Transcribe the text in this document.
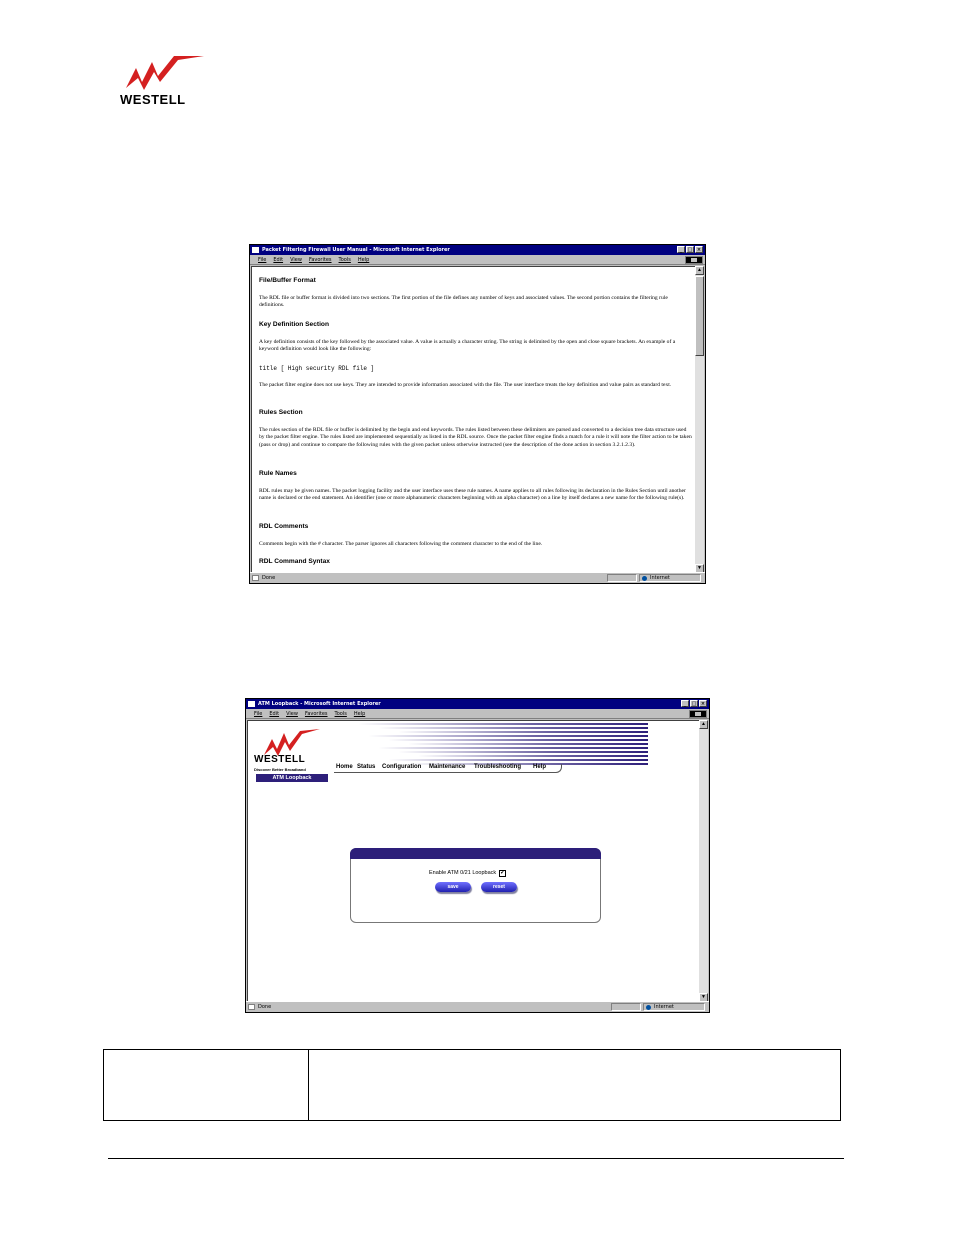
WESTELL
Packet Filtering Firewall User Manual - Microsoft Internet Explorer	_	□ ×
File Edit View Favorites Tools Help
File/Buffer Format
The RDL file or buffer format is divided into two sections. The first portion of the file defines any number of keys and associated values. The second portion contains the filtering rule definitions.
Key Definition Section
A key definition consists of the key followed by the associated value. A value is actually a character string. The string is delimited by the open and close square brackets. An example of a keyword definition would look like the following:
title [ High security RDL file ]
The packet filter engine does not use keys. They are intended to provide information associated with the file. The user interface treats the key definition and value pairs as standard text.
Rules Section
The rules section of the RDL file or buffer is delimited by the begin and end keywords. The rules listed between these delimiters are parsed and converted to a decision tree data structure used by the packet filter engine. The rules listed are implemented sequentially as listed in the RDL source. Once the packet filter engine finds a match for a rule it will note the filter action to be taken (pass or drop) and continue to compare the following rules with the given packet unless otherwise instructed (see the description of the done action in section 3.2.1.2.3).
Rule Names
RDL rules may be given names. The packet logging facility and the user interface uses these rule names. A name applies to all rules following its declaration in the Rules Section until another name is declared or the end statement. An identifier (one or more alphanumeric characters beginning with an alpha character) on a line by itself declares a new name for the following rule(s).
RDL Comments
Comments begin with the # character. The parser ignores all characters following the comment character to the end of the line.
RDL Command Syntax
▲
▼
Done	Internet
ATM Loopback - Microsoft Internet Explorer	_	□ ×
File Edit View Favorites Tools Help
WESTELL
Discover Better Broadband	Home Status Configuration Maintenance Troubleshooting Help
ATM Loopback
Enable ATM 0/21 Loopback ✓
save	reset
▲
▼
Done	Internet
